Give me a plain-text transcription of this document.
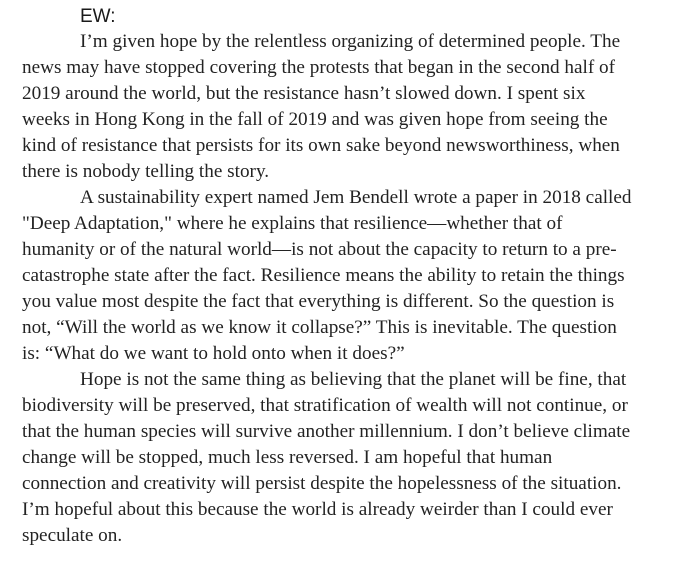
EW:

I’m given hope by the relentless organizing of determined people. The
news may have stopped covering the protests that began in the second half of
2019 around the world, but the resistance hasn’t slowed down. I spent six
weeks in Hong Kong in the fall of 2019 and was given hope from seeing the
kind of resistance that persists for its own sake beyond newsworthiness, when
there is nobody telling the story.

A sustainability expert named Jem Bendell wrote a paper in 2018 called
"Deep Adaptation," where he explains that resilience—whether that of
humanity or of the natural world—is not about the capacity to return to a pre-
catastrophe state after the fact. Resilience means the ability to retain the things
you value most despite the fact that everything is different. So the question is
not, “Will the world as we know it collapse?” This is inevitable. The question
is: “What do we want to hold onto when it does?”

Hope is not the same thing as believing that the planet will be fine, that
biodiversity will be preserved, that stratification of wealth will not continue, or
that the human species will survive another millennium. I don’t believe climate
change will be stopped, much less reversed. I am hopeful that human
connection and creativity will persist despite the hopelessness of the situation.
I’m hopeful about this because the world is already weirder than I could ever
speculate on.
